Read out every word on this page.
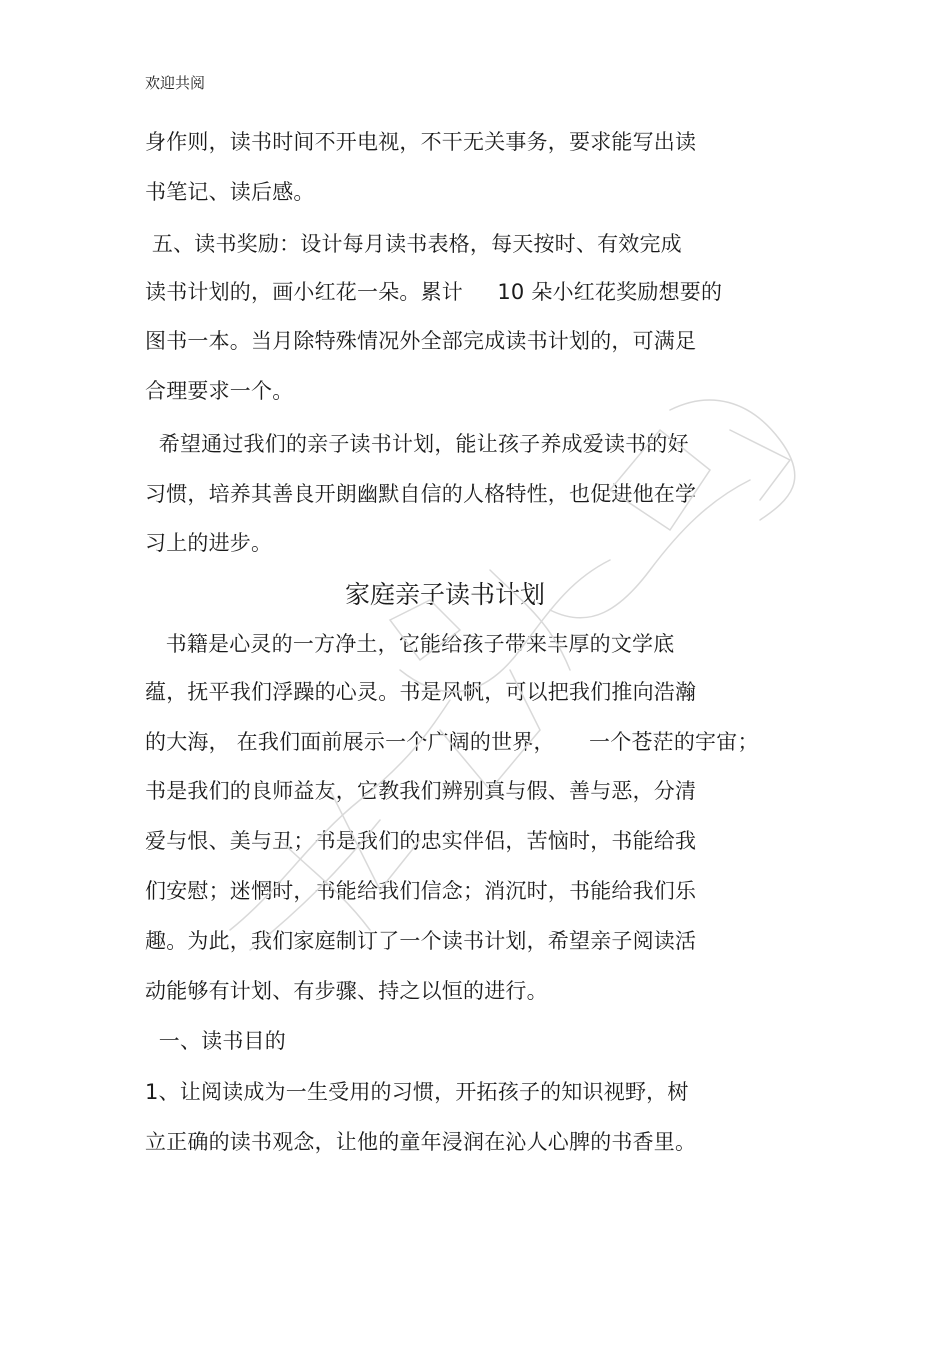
欢迎共阅
身作则，读书时间不开电视，不干无关事务，要求能写出读
书笔记、读后感。
五、读书奖励：设计每月读书表格，每天按时、有效完成
读书计划的，画小红花一朵。累计     10 朵小红花奖励想要的
图书一本。当月除特殊情况外全部完成读书计划的，可满足
合理要求一个。
希望通过我们的亲子读书计划，能让孩子养成爱读书的好
习惯，培养其善良开朗幽默自信的人格特性，也促进他在学
习上的进步。
家庭亲子读书计划
书籍是心灵的一方净土，它能给孩子带来丰厚的文学底
蕴，抚平我们浮躁的心灵。书是风帆，可以把我们推向浩瀚
的大海， 在我们面前展示一个广阔的世界，     一个苍茫的宇宙；
书是我们的良师益友，它教我们辨别真与假、善与恶，分清
爱与恨、美与丑；书是我们的忠实伴侣，苦恼时，书能给我
们安慰；迷惘时，书能给我们信念；消沉时，书能给我们乐
趣。为此，我们家庭制订了一个读书计划，希望亲子阅读活
动能够有计划、有步骤、持之以恒的进行。
一、读书目的
1、让阅读成为一生受用的习惯，开拓孩子的知识视野，树
立正确的读书观念，让他的童年浸润在沁人心脾的书香里。
